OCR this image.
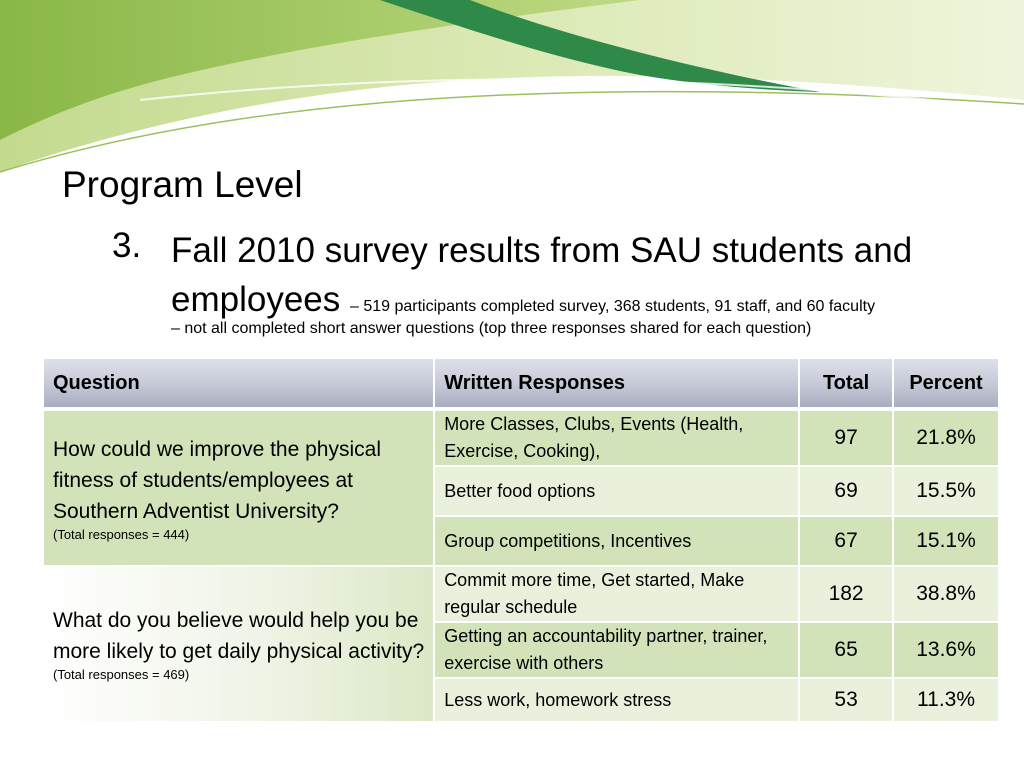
Program Level
3. Fall 2010 survey results from SAU students and employees – 519 participants completed survey, 368 students, 91 staff, and 60 faculty
– not all completed short answer questions (top three responses shared for each question)
Question	Written Responses	Total	Percent
How could we improve the physical fitness of students/employees at Southern Adventist University?
(Total responses = 444)	More Classes, Clubs, Events (Health, Exercise, Cooking),	97	21.8%
	Better food options	69	15.5%
	Group competitions, Incentives	67	15.1%
What do you believe would help you be more likely to get daily physical activity?
(Total responses = 469)	Commit more time, Get started, Make regular schedule	182	38.8%
	Getting an accountability partner, trainer, exercise with others	65	13.6%
	Less work, homework stress	53	11.3%
